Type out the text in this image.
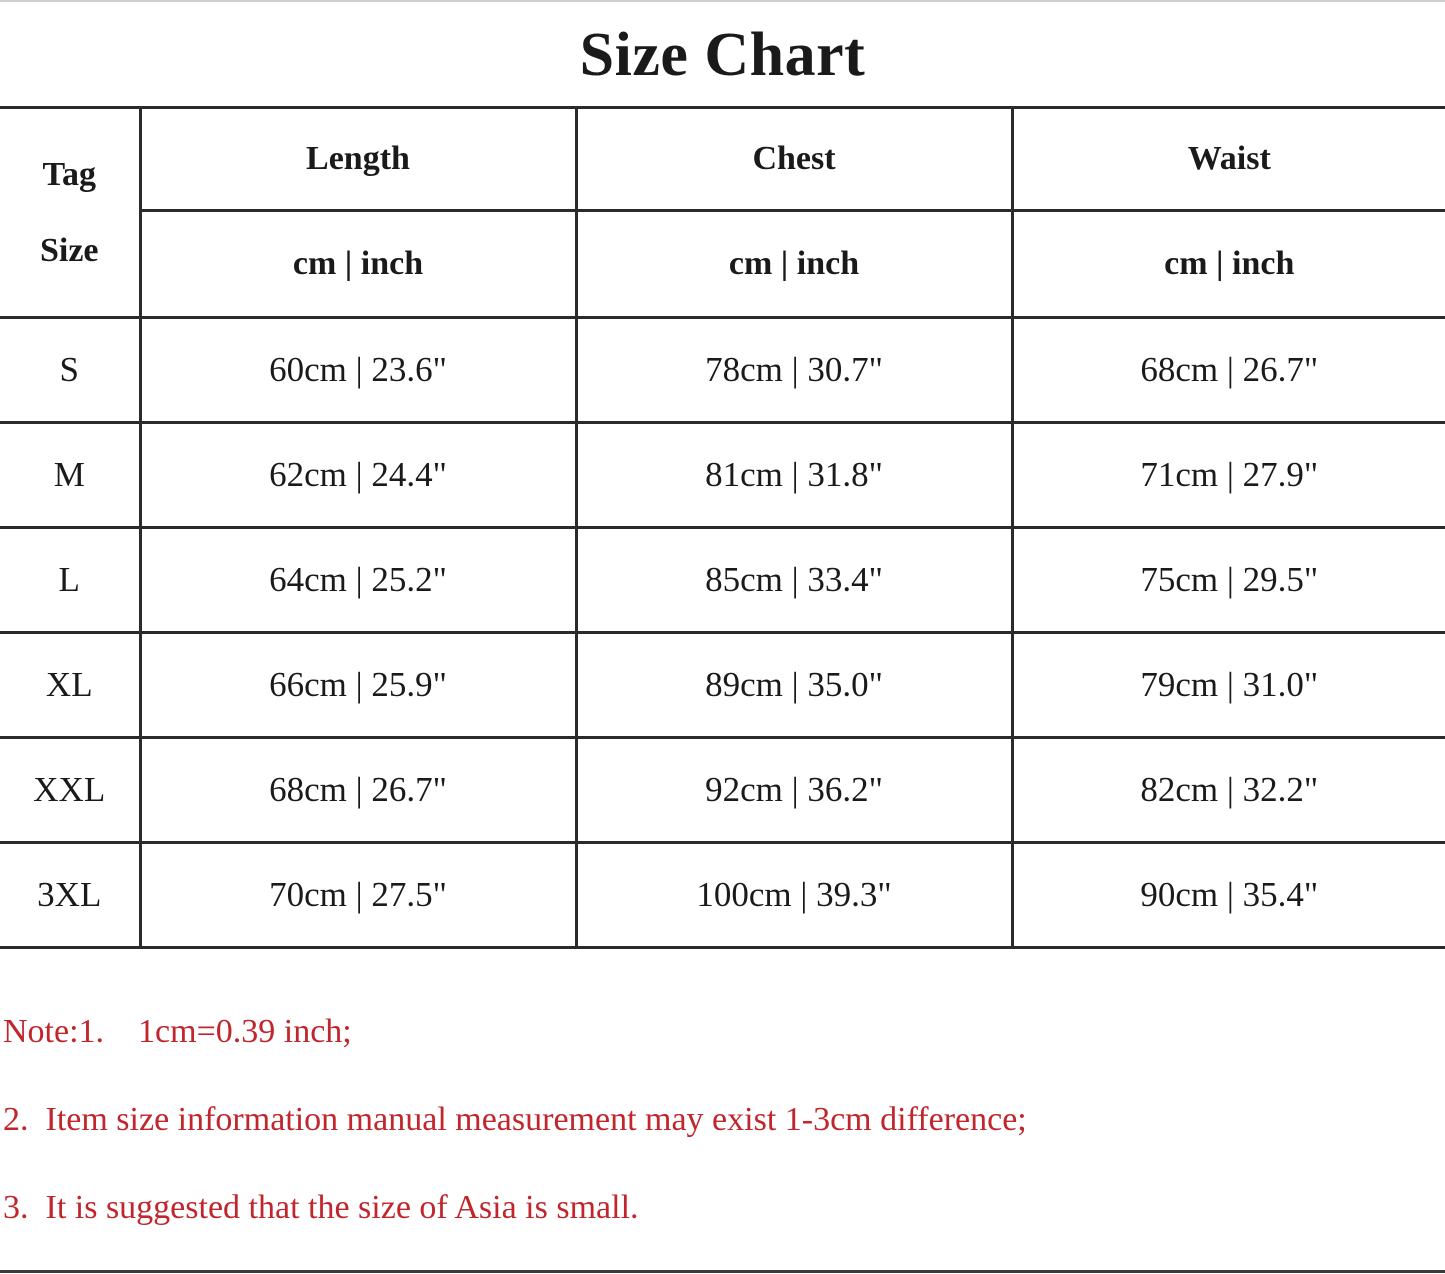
Size Chart
Tag
Size	Length	Chest	Waist
	cm | inch	cm | inch	cm | inch
S	60cm | 23.6"	78cm | 30.7"	68cm | 26.7"
M	62cm | 24.4"	81cm | 31.8"	71cm | 27.9"
L	64cm | 25.2"	85cm | 33.4"	75cm | 29.5"
XL	66cm | 25.9"	89cm | 35.0"	79cm | 31.0"
XXL	68cm | 26.7"	92cm | 36.2"	82cm | 32.2"
3XL	70cm | 27.5"	100cm | 39.3"	90cm | 35.4"
Note:1.    1cm=0.39 inch;
2.  Item size information manual measurement may exist 1-3cm difference;
3.  It is suggested that the size of Asia is small.
